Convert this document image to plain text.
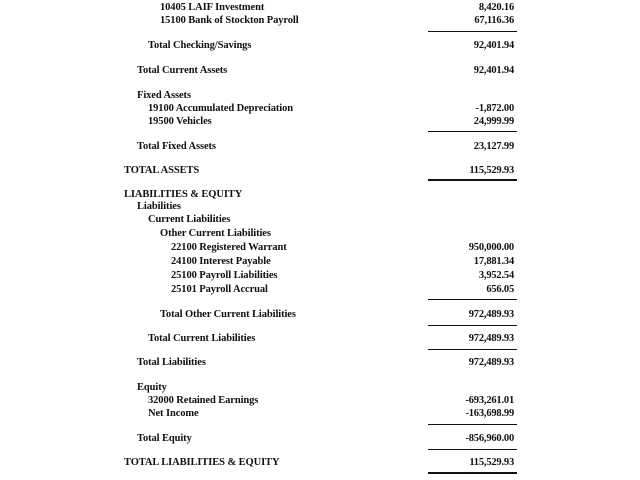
10405 LAIF Investment	8,420.16
15100 Bank of Stockton Payroll	67,116.36
Total Checking/Savings	92,401.94
Total Current Assets	92,401.94
Fixed Assets
19100 Accumulated Depreciation	-1,872.00
19500 Vehicles	24,999.99
Total Fixed Assets	23,127.99
TOTAL ASSETS	115,529.93
LIABILITIES & EQUITY
Liabilities
Current Liabilities
Other Current Liabilities
22100 Registered Warrant	950,000.00
24100 Interest Payable	17,881.34
25100 Payroll Liabilities	3,952.54
25101 Payroll Accrual	656.05
Total Other Current Liabilities	972,489.93
Total Current Liabilities	972,489.93
Total Liabilities	972,489.93
Equity
32000 Retained Earnings	-693,261.01
Net Income	-163,698.99
Total Equity	-856,960.00
TOTAL LIABILITIES & EQUITY	115,529.93
